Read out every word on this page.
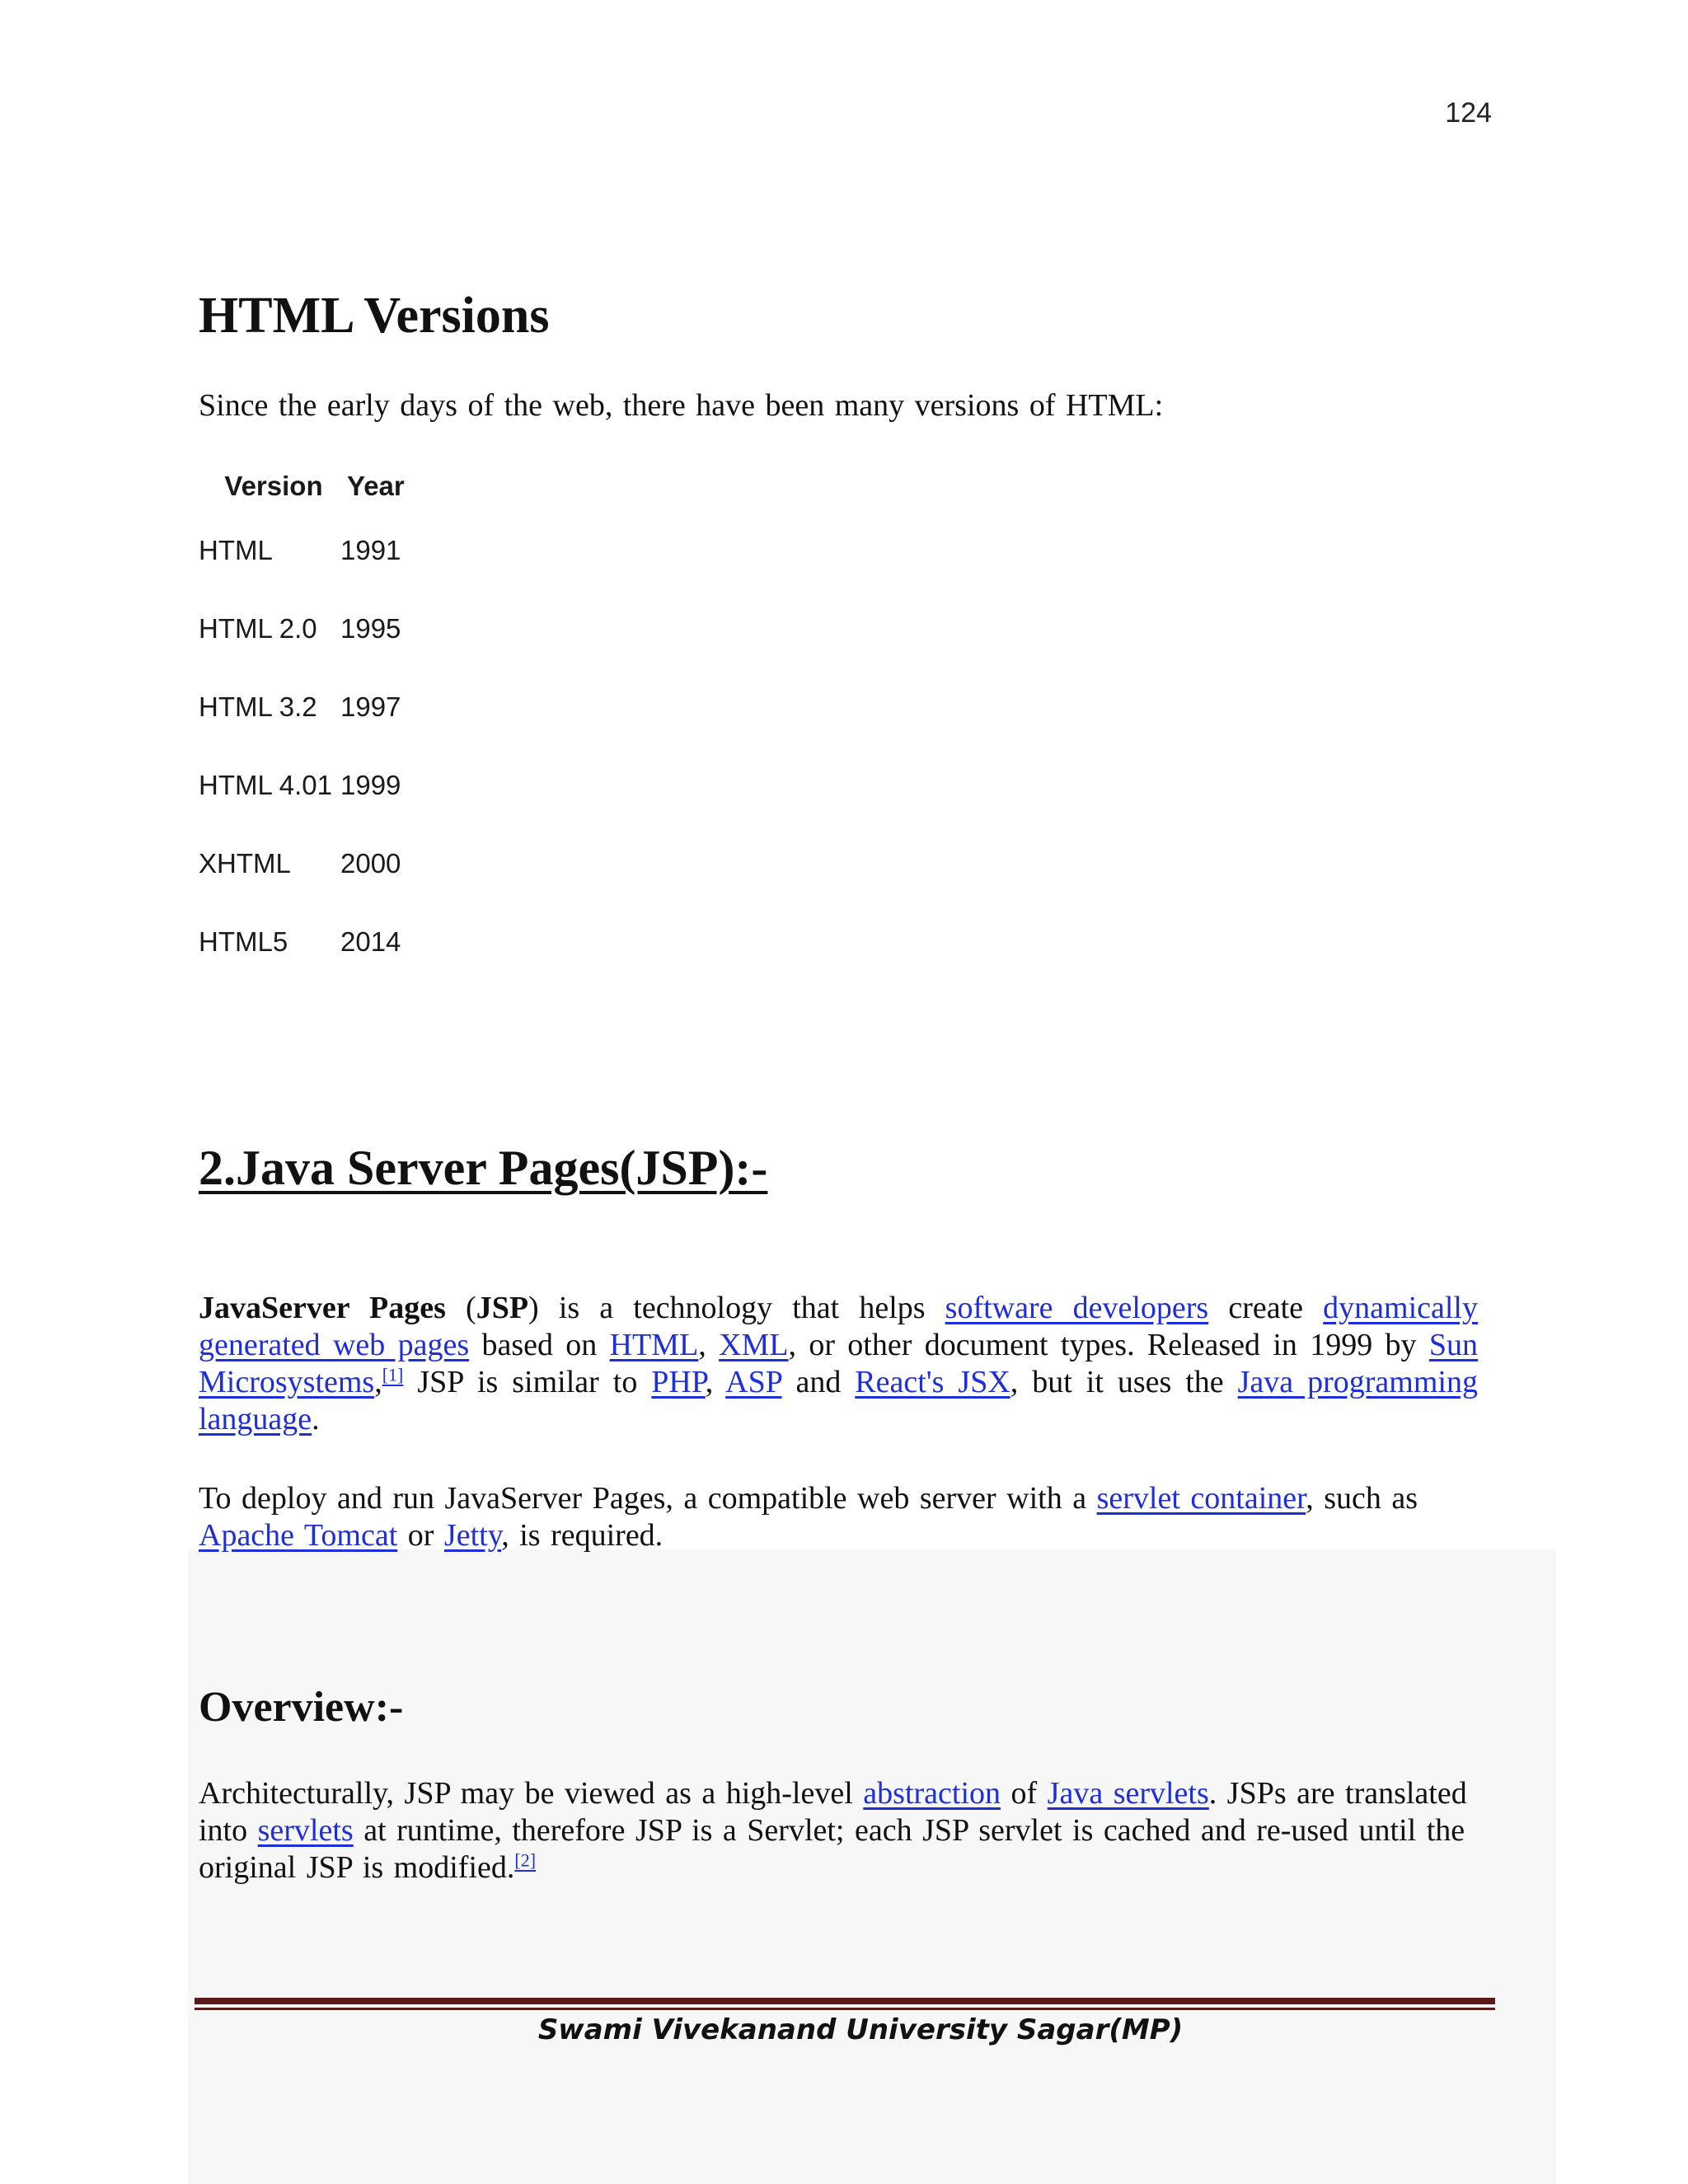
124
HTML Versions

Since the early days of the web, there have been many versions of HTML:

Version	Year
HTML	1991
HTML 2.0	1995
HTML 3.2	1997
HTML 4.01	1999
XHTML	2000
HTML5	2014
2.Java Server Pages(JSP):-

JavaServer Pages (JSP) is a technology that helps software developers create dynamically generated web pages based on HTML, XML, or other document types. Released in 1999 by Sun Microsystems,[1] JSP is similar to PHP, ASP and React's JSX, but it uses the Java programming language.

To deploy and run JavaServer Pages, a compatible web server with a servlet container, such as Apache Tomcat or Jetty, is required.

Overview:-

Architecturally, JSP may be viewed as a high-level abstraction of Java servlets. JSPs are translated into servlets at runtime, therefore JSP is a Servlet; each JSP servlet is cached and re-used until the original JSP is modified.[2]

Swami Vivekanand University Sagar(MP)
